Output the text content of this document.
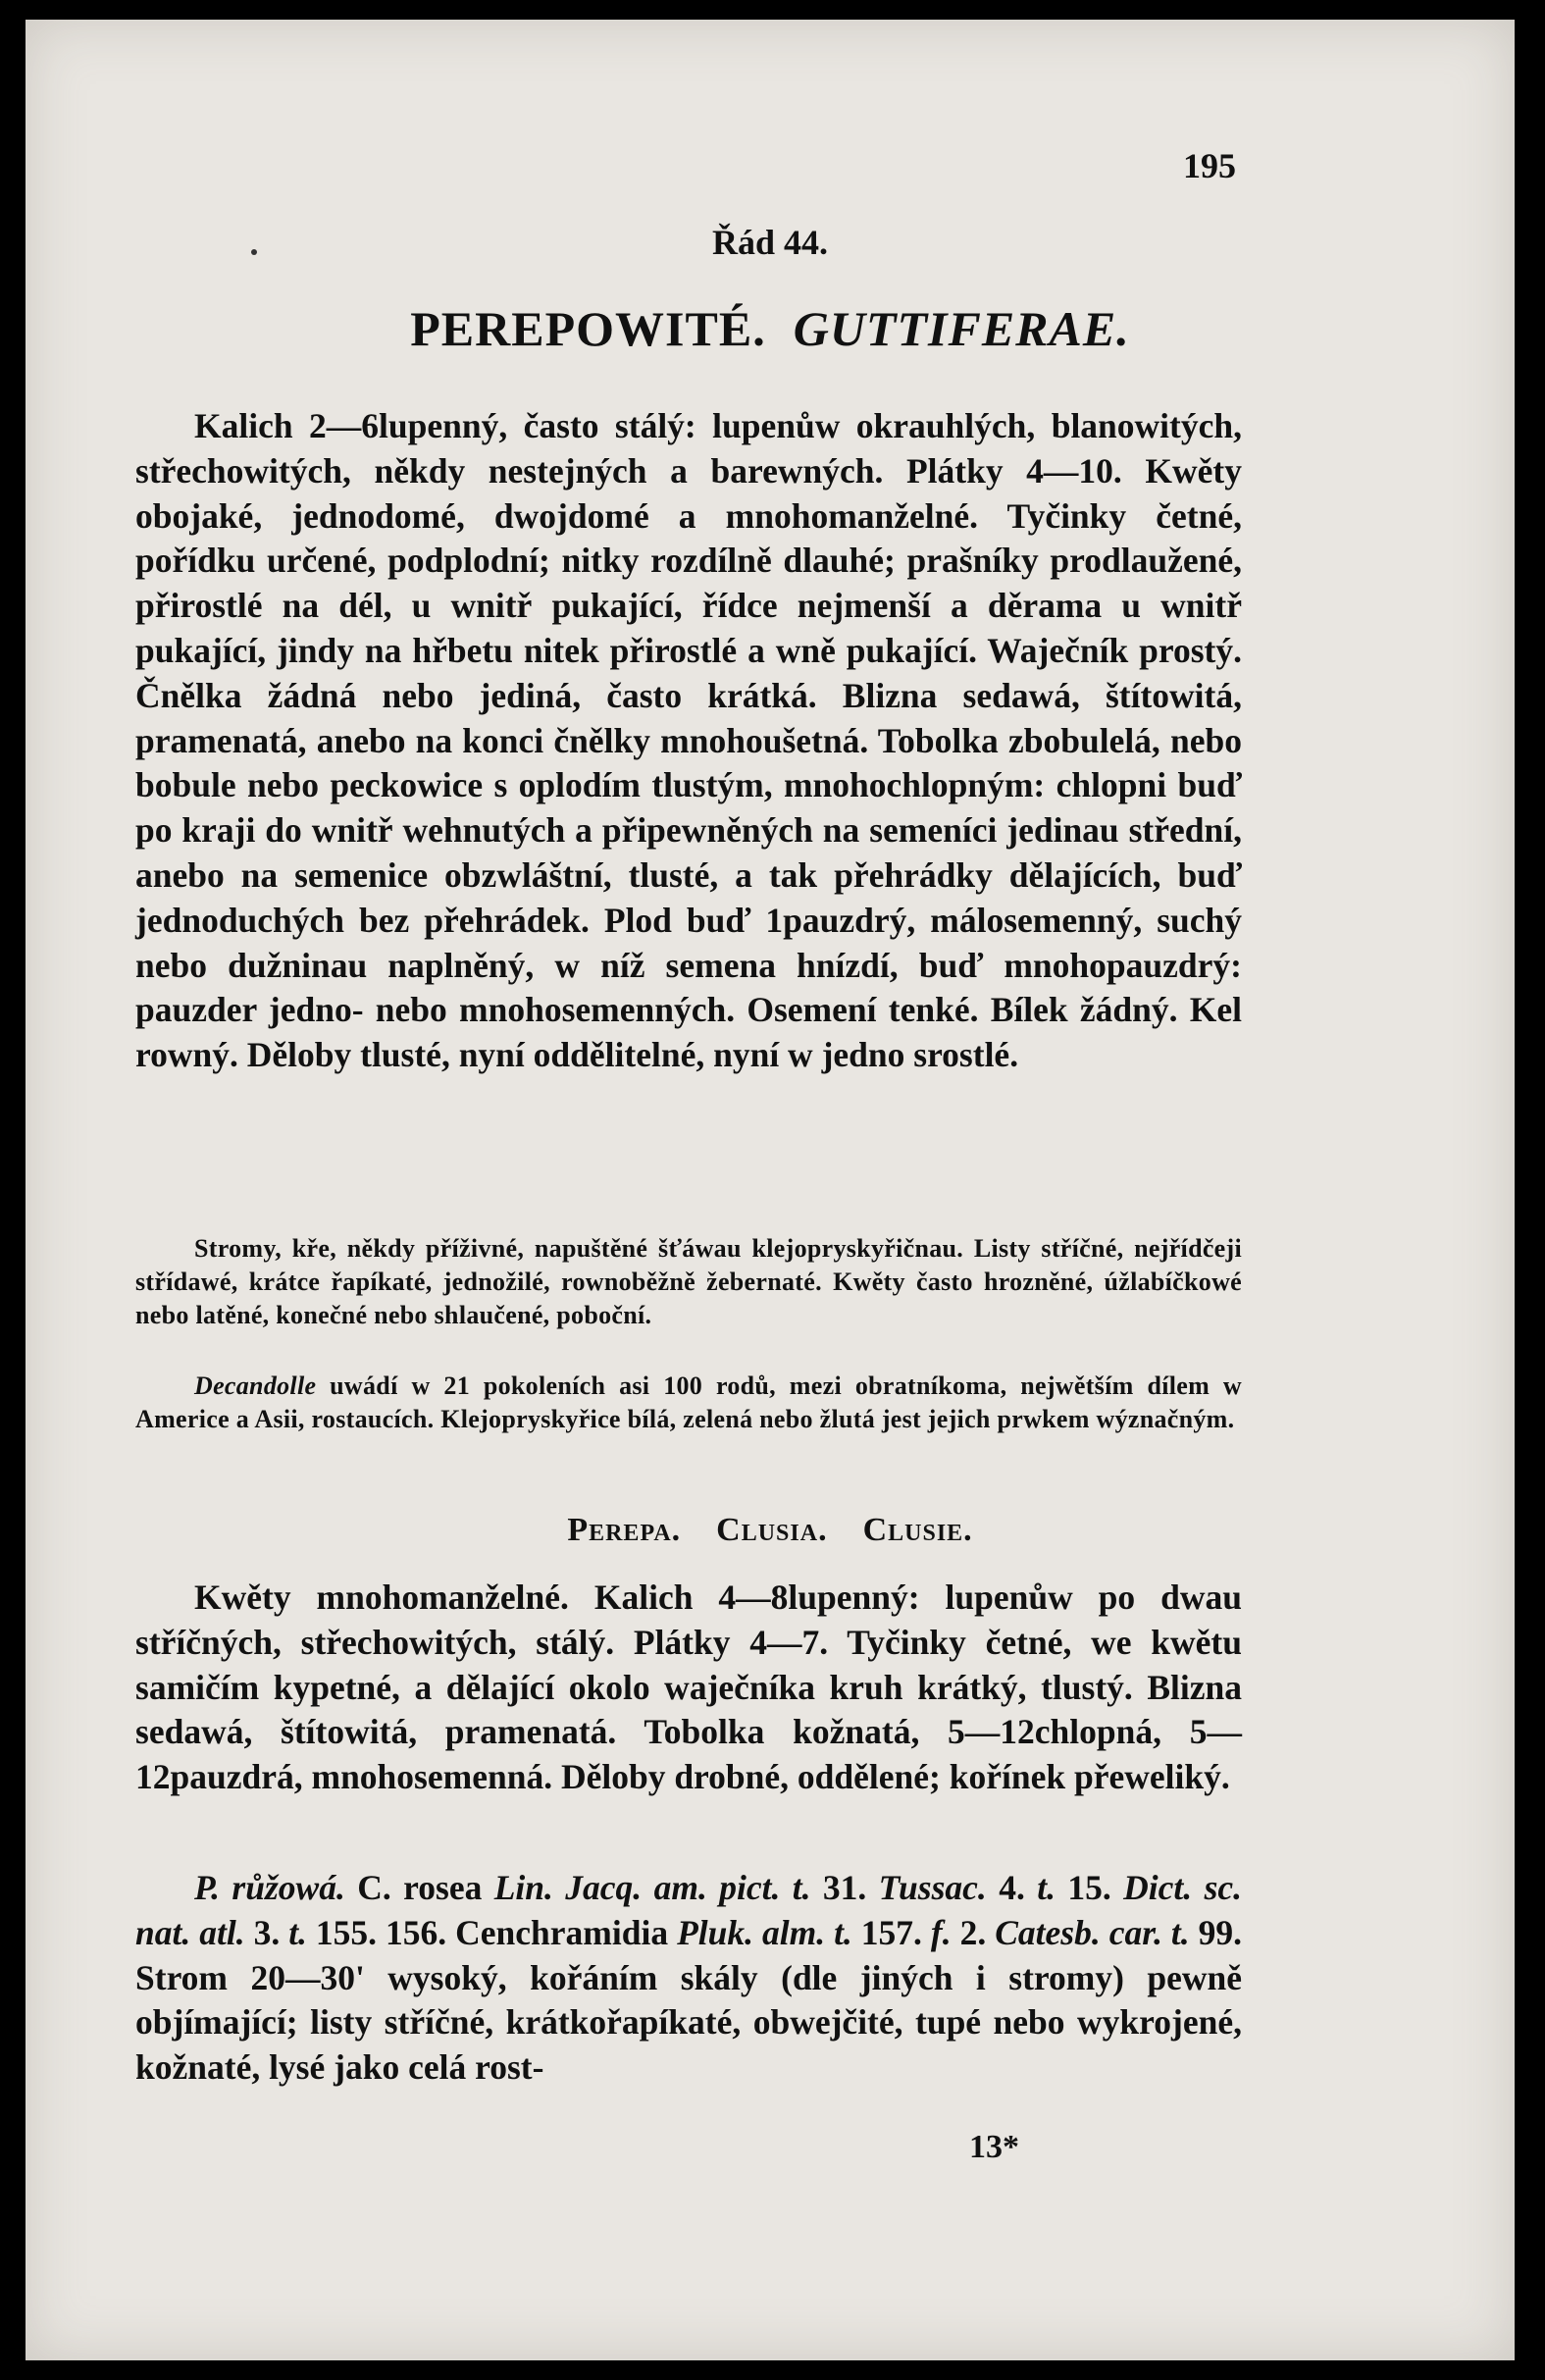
195
Řád 44.
PEREPOWITÉ. GUTTIFERAE.
Kalich 2—6lupenný, často stálý: lupenůw okrauhlých, blanowitých, střechowitých, někdy nestejných a barewných. Plátky 4—10. Kwěty obojaké, jednodomé, dwojdomé a mnohomanželné. Tyčinky četné, pořídku určené, podplodní; nitky rozdílně dlauhé; prašníky prodlaužené, přirostlé na dél, u wnitř pukající, řídce nejmenší a děrama u wnitř pukající, jindy na hřbetu nitek přirostlé a wně pukající. Waječník prostý. Čnělka žádná nebo jediná, často krátká. Blizna sedawá, štítowitá, pramenatá, anebo na konci čnělky mnohoušetná. Tobolka zbobulelá, nebo bobule nebo peckowice s oplodím tlustým, mnohochlopným: chlopni buď po kraji do wnitř wehnutých a připewněných na semeníci jedinau střední, anebo na semenice obzwláštní, tlusté, a tak přehrádky dělajících, buď jednoduchých bez přehrádek. Plod buď 1pauzdrý, málosemenný, suchý nebo dužninau naplněný, w níž semena hnízdí, buď mnohopauzdrý: pauzder jedno- nebo mnohosemenných. Osemení tenké. Bílek žádný. Kel rowný. Děloby tlusté, nyní oddělitelné, nyní w jedno srostlé.
Stromy, kře, někdy příživné, napuštěné šťáwau klejopryskyřičnau. Listy stříčné, nejřídčeji střídawé, krátce řapíkaté, jednožilé, rownoběžně žebernaté. Kwěty často hrozněné, úžlabíčkowé nebo latěné, konečné nebo shlaučené, poboční.
Decandolle uwádí w 21 pokoleních asi 100 rodů, mezi obratníkoma, nejwětším dílem w Americe a Asii, rostaucích. Klejopryskyřice bílá, zelená nebo žlutá jest jejich prwkem wýznačným.
Perepa. Clusia. Clusie.
Kwěty mnohomanželné. Kalich 4—8lupenný: lupenůw po dwau stříčných, střechowitých, stálý. Plátky 4—7. Tyčinky četné, we kwětu samičím kypetné, a dělající okolo waječníka kruh krátký, tlustý. Blizna sedawá, štítowitá, pramenatá. Tobolka kožnatá, 5—12chlopná, 5—12pauzdrá, mnohosemenná. Děloby drobné, oddělené; kořínek přeweliký.
P. růžowá. C. rosea Lin. Jacq. am. pict. t. 31. Tussac. 4. t. 15. Dict. sc. nat. atl. 3. t. 155. 156. Cenchramidia Pluk. alm. t. 157. f. 2. Catesb. car. t. 99. Strom 20—30' wysoký, kořáním skály (dle jiných i stromy) pewně objímající; listy stříčné, krátkořapíkaté, obwejčité, tupé nebo wykrojené, kožnaté, lysé jako celá rost-
13*
